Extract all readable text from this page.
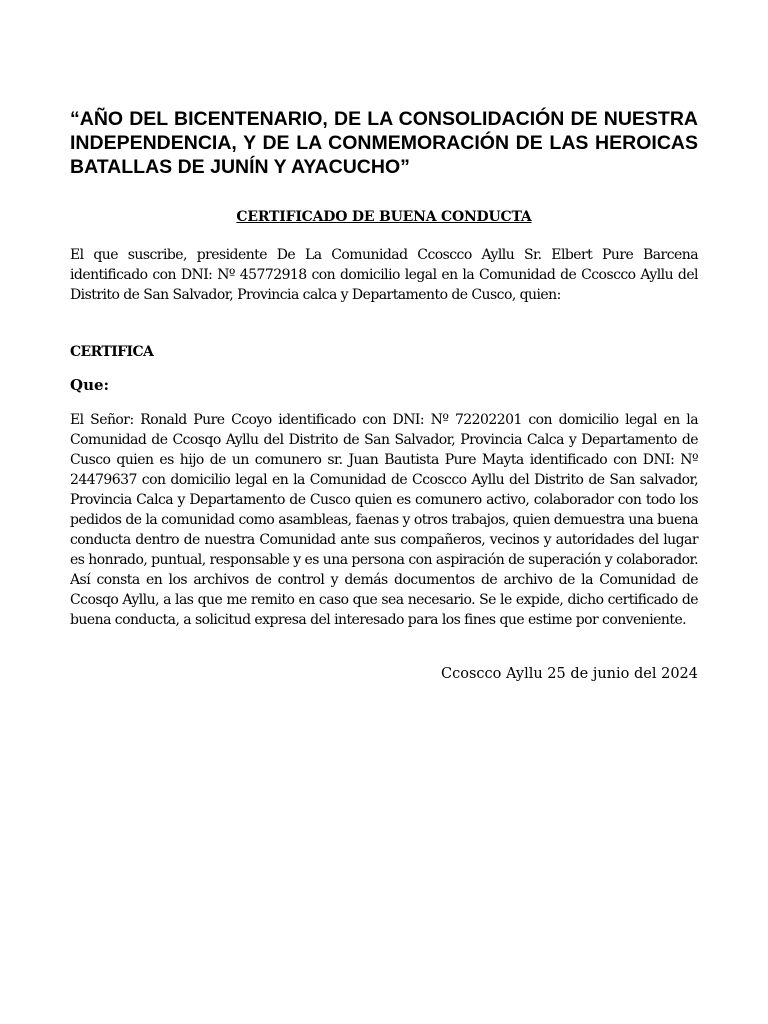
“AÑO DEL BICENTENARIO, DE LA CONSOLIDACIÓN DE NUESTRA INDEPENDENCIA, Y DE LA CONMEMORACIÓN DE LAS HEROICAS BATALLAS DE JUNÍN Y AYACUCHO”

CERTIFICADO DE BUENA CONDUCTA

El que suscribe, presidente De La Comunidad Ccoscco Ayllu Sr. Elbert Pure Barcena identificado con DNI: Nº 45772918 con domicilio legal en la Comunidad de Ccoscco Ayllu del Distrito de San Salvador, Provincia calca y Departamento de Cusco, quien:

CERTIFICA

Que:

El Señor: Ronald Pure Ccoyo identificado con DNI: Nº 72202201 con domicilio legal en la Comunidad de Ccosqo Ayllu del Distrito de San Salvador, Provincia Calca y Departamento de Cusco quien es hijo de un comunero sr. Juan Bautista Pure Mayta identificado con DNI: Nº 24479637 con domicilio legal en la Comunidad de Ccoscco Ayllu del Distrito de San salvador, Provincia Calca y Departamento de Cusco quien es comunero activo, colaborador con todo los pedidos de la comunidad como asambleas, faenas y otros trabajos, quien demuestra una buena conducta dentro de nuestra Comunidad ante sus compañeros, vecinos y autoridades del lugar es honrado, puntual, responsable y es una persona con aspiración de superación y colaborador. Así consta en los archivos de control y demás documentos de archivo de la Comunidad de Ccosqo Ayllu, a las que me remito en caso que sea necesario. Se le expide, dicho certificado de buena conducta, a solicitud expresa del interesado para los fines que estime por conveniente.

Ccoscco Ayllu 25 de junio del 2024
